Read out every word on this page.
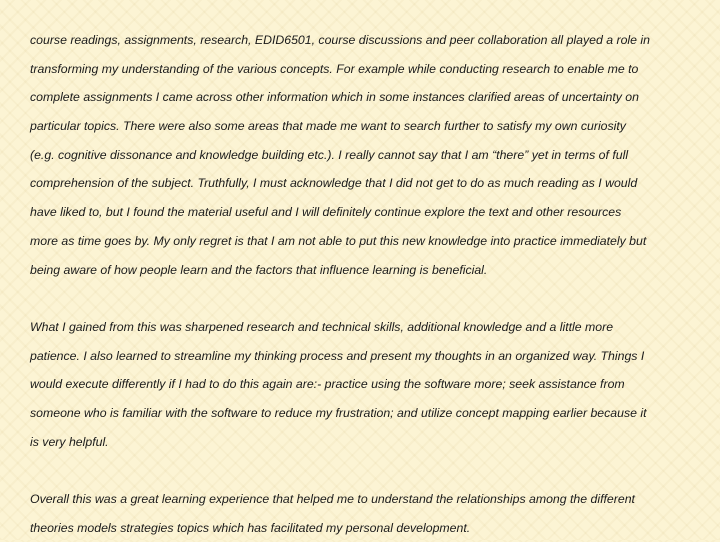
course readings, assignments, research, EDID6501, course discussions and peer collaboration all played a role in
transforming my understanding of the various concepts. For example while conducting research to enable me to
complete assignments I came across other information which in some instances clarified areas of uncertainty on
particular topics. There were also some areas that made me want to search further to satisfy my own curiosity
(e.g. cognitive dissonance and knowledge building etc.). I really cannot say that I am “there” yet in terms of full
comprehension of the subject. Truthfully, I must acknowledge that I did not get to do as much reading as I would
have liked to, but I found the material useful and I will definitely continue explore the text and other resources
more as time goes by. My only regret is that I am not able to put this new knowledge into practice immediately but
being aware of how people learn and the factors that influence learning is beneficial.

What I gained from this was sharpened research and technical skills, additional knowledge and a little more
patience. I also learned to streamline my thinking process and present my thoughts in an organized way. Things I
would execute differently if I had to do this again are:- practice using the software more; seek assistance from
someone who is familiar with the software to reduce my frustration; and utilize concept mapping earlier because it
is very helpful.

Overall this was a great learning experience that helped me to understand the relationships among the different
theories models strategies topics which has facilitated my personal development.
